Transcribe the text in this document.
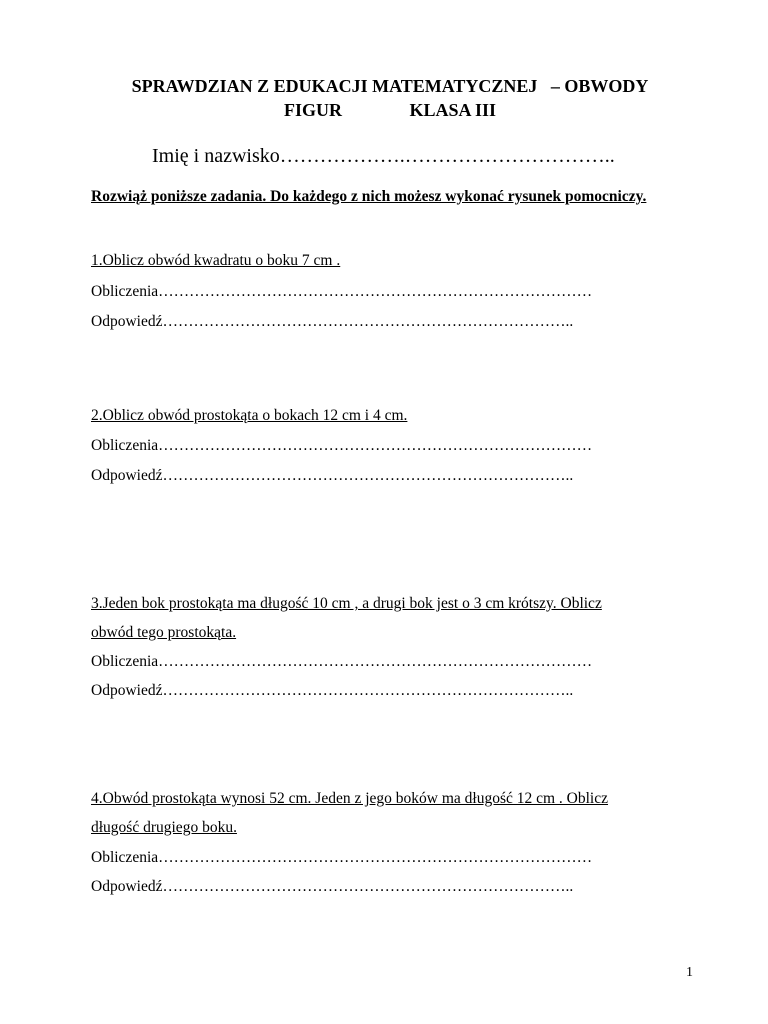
SPRAWDZIAN Z EDUKACJI MATEMATYCZNEJ   – OBWODY
FIGUR               KLASA III
Imię i nazwisko……………….…………………………..
Rozwiąż poniższe zadania. Do każdego z nich możesz wykonać rysunek pomocniczy.
1.Oblicz obwód kwadratu o boku 7 cm .
Obliczenia…………………………………………………………………………
Odpowiedź……………………………………………………………………..
2.Oblicz obwód prostokąta o bokach 12 cm i 4 cm.
Obliczenia…………………………………………………………………………
Odpowiedź……………………………………………………………………..
3.Jeden bok prostokąta ma długość 10 cm , a drugi bok jest o 3 cm krótszy. Oblicz
obwód tego prostokąta.
Obliczenia…………………………………………………………………………
Odpowiedź……………………………………………………………………..
4.Obwód prostokąta wynosi 52 cm. Jeden z jego boków ma długość 12 cm . Oblicz
długość drugiego boku.
Obliczenia…………………………………………………………………………
Odpowiedź……………………………………………………………………..
1
